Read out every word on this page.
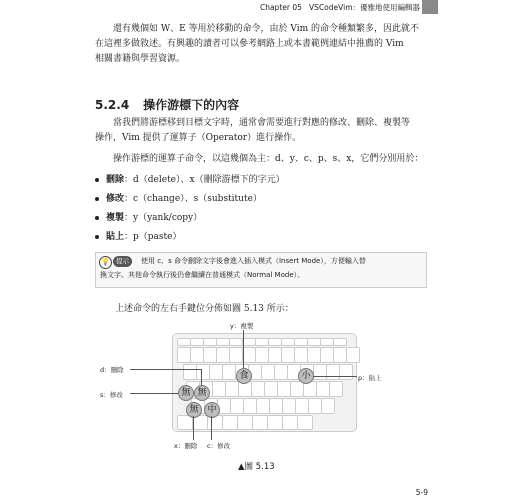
Chapter 05 VSCodeVim：優雅地使用編輯器
還有幾個如 W、E 等用於移動的命令，由於 Vim 的命令種類繁多，因此就不
在這裡多做敘述。有興趣的讀者可以參考網路上或本書範例連結中推薦的 Vim
相關書籍與學習資源。
5.2.4 操作游標下的內容
當我們將游標移到目標文字時，通常會需要進行對應的修改、刪除、複製等
操作，Vim 提供了運算子（Operator）進行操作。
操作游標的運算子命令，以這幾個為主：d、y、c、p、s、x，它們分別用於：
刪除：d（delete）、x（刪除游標下的字元）
修改：c（change）、s（substitute）
複製：y（yank/copy）
貼上：p（paste）
💡 提示	使用 c、s 命令刪除文字後會進入插入模式（Insert Mode），方便輸入替
換文字。其他命令執行後仍會繼續在普通模式（Normal Mode）。
上述命令的左右手鍵位分佈如圖 5.13 所示：
食	小
無
無
無 中
y：複製
d：刪除
p：貼上
s：修改
x：刪除 c：修改
▲圖 5.13
5-9
